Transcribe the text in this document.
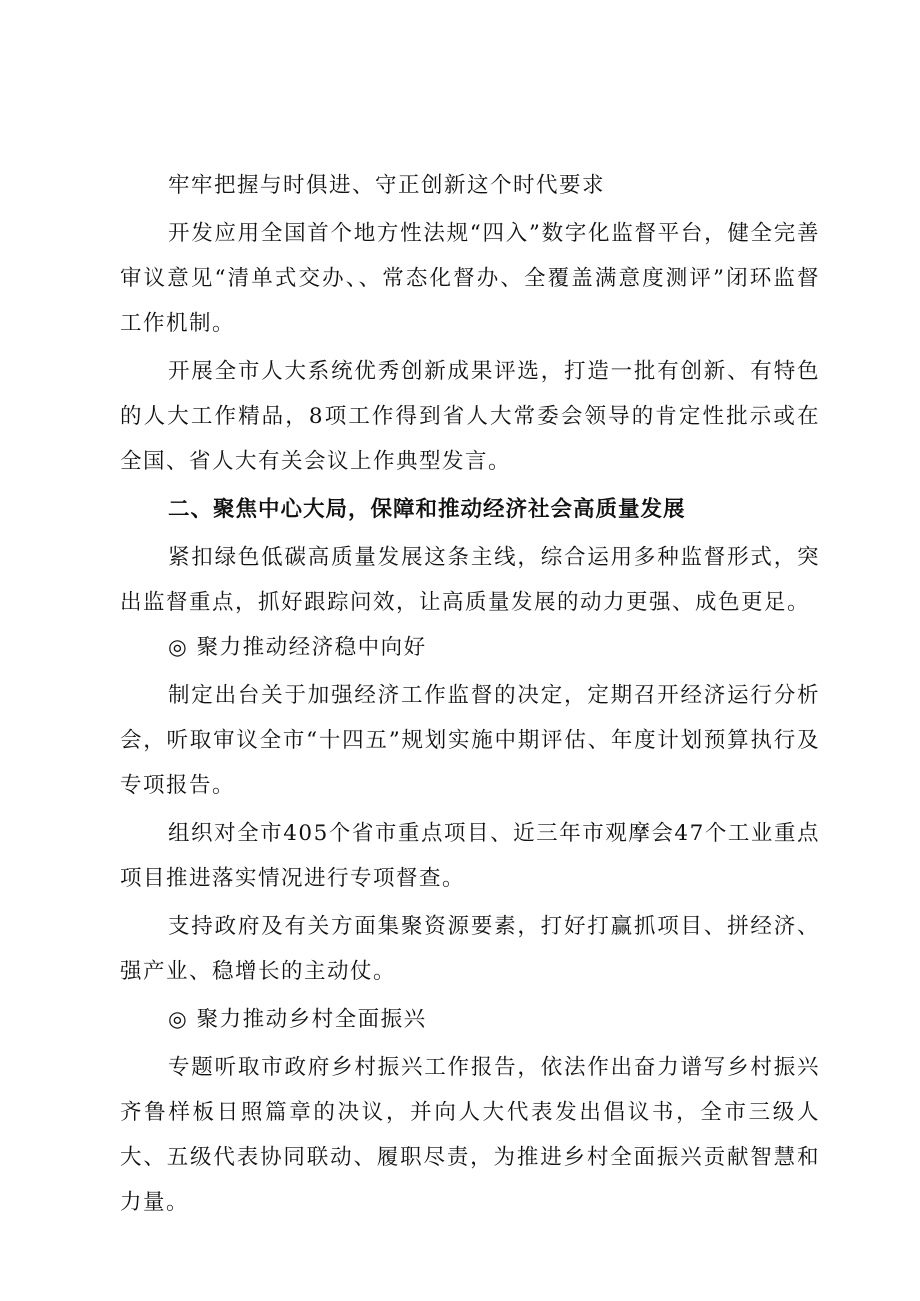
牢牢把握与时俱进、守正创新这个时代要求

开发应用全国首个地方性法规“四入”数字化监督平台，健全完善审议意见“清单式交办、、常态化督办、全覆盖满意度测评”闭环监督工作机制。

开展全市人大系统优秀创新成果评选，打造一批有创新、有特色的人大工作精品，8项工作得到省人大常委会领导的肯定性批示或在全国、省人大有关会议上作典型发言。

二、聚焦中心大局，保障和推动经济社会高质量发展

紧扣绿色低碳高质量发展这条主线，综合运用多种监督形式，突出监督重点，抓好跟踪问效，让高质量发展的动力更强、成色更足。

◎ 聚力推动经济稳中向好

制定出台关于加强经济工作监督的决定，定期召开经济运行分析会，听取审议全市“十四五”规划实施中期评估、年度计划预算执行及专项报告。

组织对全市405个省市重点项目、近三年市观摩会47个工业重点项目推进落实情况进行专项督查。

支持政府及有关方面集聚资源要素，打好打赢抓项目、拼经济、强产业、稳增长的主动仗。

◎ 聚力推动乡村全面振兴

专题听取市政府乡村振兴工作报告，依法作出奋力谱写乡村振兴齐鲁样板日照篇章的决议，并向人大代表发出倡议书，全市三级人大、五级代表协同联动、履职尽责，为推进乡村全面振兴贡献智慧和力量。
